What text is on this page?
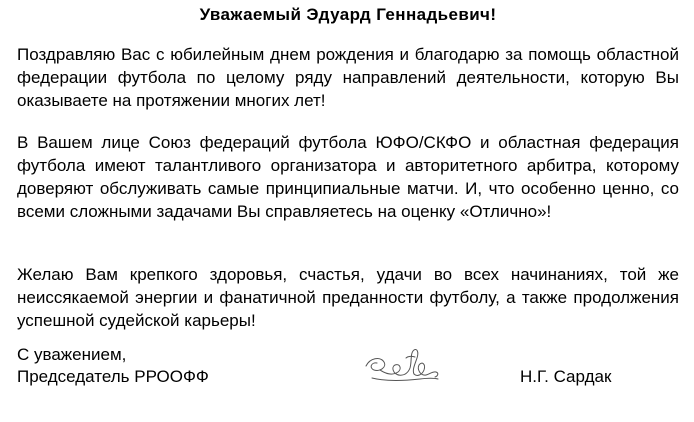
Уважаемый Эдуард Геннадьевич!

Поздравляю Вас с юбилейным днем рождения и благодарю за помощь областной федерации футбола по целому ряду направлений деятельности, которую Вы оказываете на протяжении многих лет!

В Вашем лице Союз федераций футбола ЮФО/СКФО и областная федерация футбола имеют талантливого организатора и авторитетного арбитра, которому доверяют обслуживать самые принципиальные матчи. И, что особенно ценно, со всеми сложными задачами Вы справляетесь на оценку «Отлично»!

Желаю Вам крепкого здоровья, счастья, удачи во всех начинаниях, той же неиссякаемой энергии и фанатичной преданности футболу, а также продолжения успешной судейской карьеры!

С уважением,
Председатель РРООФФ	Н.Г. Сардак
